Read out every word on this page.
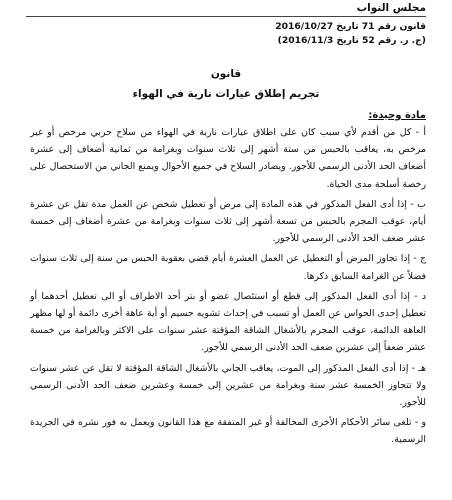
مجلس النواب
قانون رقم 71 تاريخ 2016/10/27
(ج. ر. رقم 52 تاريخ 2016/11/3)
قانون
تجريم إطلاق عيارات نارية في الهواء
مادة وحيدة:

أ - كل من أقدم لأي سبب كان على اطلاق عيارات نارية في الهواء من سلاح حربي مرخص أو غير مرخص به، يعاقب بالحبس من ستة أشهر إلى ثلاث سنوات وبغرامة من ثمانية أضعاف إلى عشرة أضعاف الحد الأدنى الرسمي للأجور. ويصادر السلاح في جميع الأحوال ويمنع الجاني من الاستحصال على رخصة أسلحة مدى الحياة.

ب - إذا أدى الفعل المذكور في هذه المادة إلى مرض أو تعطيل شخص عن العمل مدة تقل عن عشرة أيام، عوقب المجرم بالحبس من تسعة أشهر إلى ثلاث سنوات وبغرامة من عشرة أضعاف إلى خمسة عشر ضعف الحد الأدنى الرسمي للأجور.

ج - إذا تجاوز المرض أو التعطيل عن العمل العشرة أيام قضي بعقوبة الحبس من سنة إلى ثلاث سنوات فضلاً عن الغرامة السابق ذكرها.

د - إذا أدى الفعل المذكور إلى قطع أو استئصال عضو أو بتر أحد الاطراف أو الى تعطيل أحدهما أو تعطيل إحدى الحواس عن العمل أو تسبب في إحداث تشويه جسيم أو أية عاهة أخرى دائمة أو لها مظهر العاهة الدائمة، عوقب المجرم بالأشغال الشاقة المؤقتة عشر سنوات على الاكثر وبالغرامة من خمسة عشر ضعفاً إلى عشرين ضعف الحد الأدنى الرسمي للأجور.

هـ - إذا أدى الفعل المذكور إلى الموت، يعاقب الجاني بالأشغال الشاقة المؤقتة لا تقل عن عشر سنوات ولا تتجاوز الخمسة عشر سنة وبغرامة من عشرين إلى خمسة وعشرين ضعف الحد الأدنى الرسمي للأجور.

و - تلغى سائر الأحكام الأخرى المخالفة أو غير المتفقة مع هذا القانون ويعمل به فور نشره في الجريدة الرسمية.
